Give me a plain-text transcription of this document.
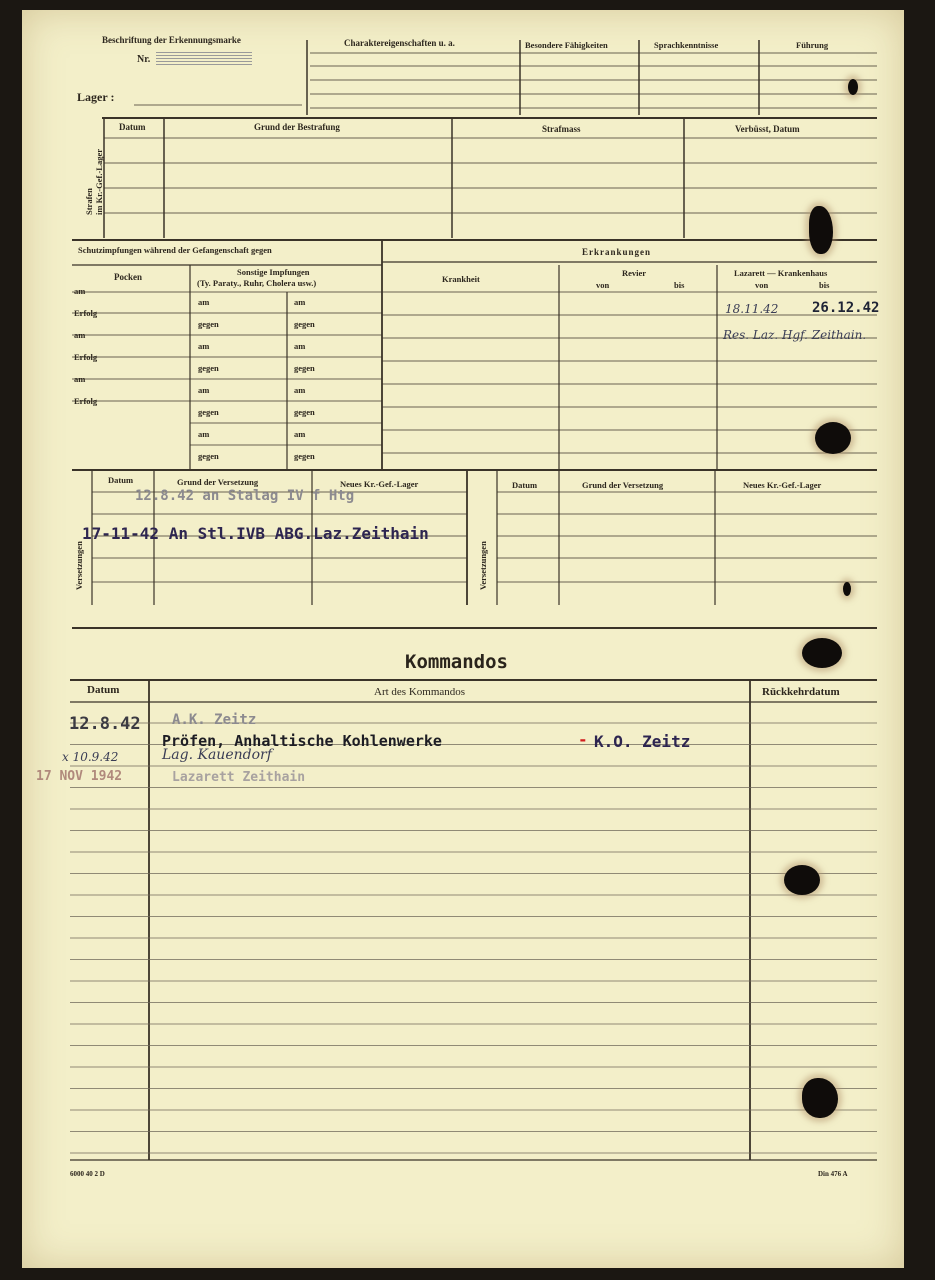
Beschriftung der Erkennungsmarke
Nr.
Lager :
Charaktereigenschaften u. a.	Besondere Fähigkeiten	Sprachkenntnisse	Führung
Strafen im Kr.-Gef.-Lager
Datum	Grund der Bestrafung	Strafmass	Verbüsst, Datum
Schutzimpfungen während der Gefangenschaft gegen
Pocken	Sonstige Impfungen
(Ty. Paraty., Ruhr, Cholera usw.)
Erkrankungen
Krankheit
Revier
von	bis
Lazarett — Krankenhaus
von	bis
18.11.42 26.12.42
Res. Laz. Hgf. Zeithain.
Versetzungen	Versetzungen
Datum	Grund der Versetzung	Neues Kr.-Gef.-Lager	Datum	Grund der Versetzung	Neues Kr.-Gef.-Lager
12.8.42 an Stalag IV f Htg
17-11-42 An Stl.IVB ABG.Laz.Zeithain
Kommandos
Datum	Art des Kommandos	Rückkehrdatum
12.8.42 A.K. Zeitz
Pröfen, Anhaltische Kohlenwerke	- K.O. Zeitz
x 10.9.42	Lag. Kauendorf
17 NOV 1942	Lazarett Zeithain
6000 40 2 D	Din 476 A
am
Erfolg
am
Erfolg
am
Erfolg
am	am
gegen	gegen
am	am
gegen	gegen
am	am
gegen	gegen
am	am
gegen	gegen
